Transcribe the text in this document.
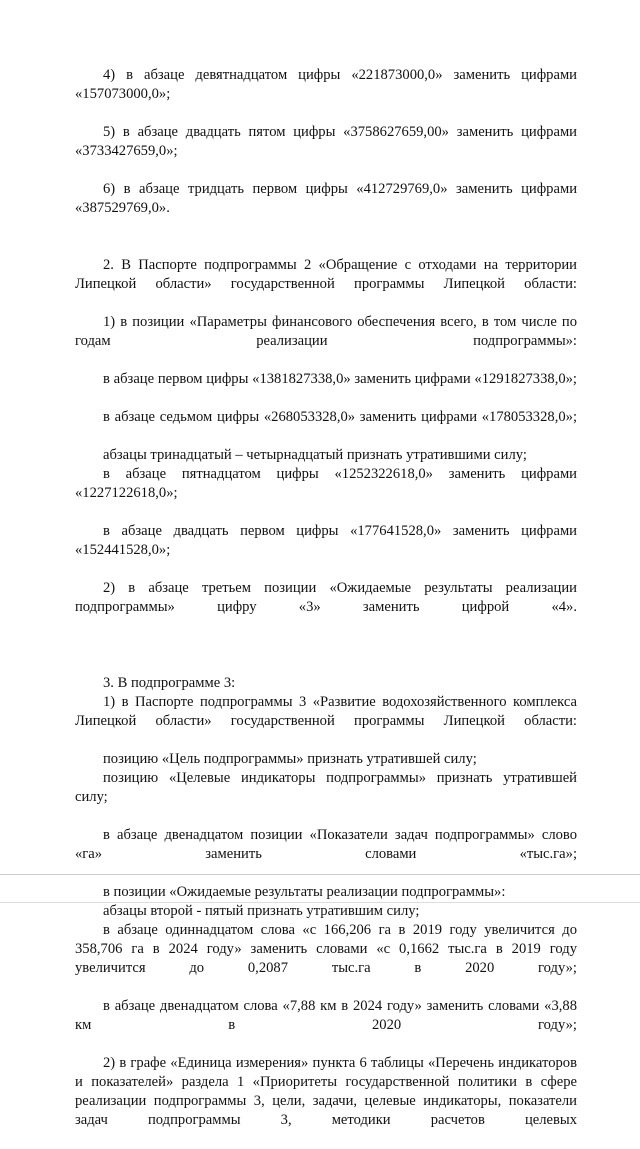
4) в абзаце девятнадцатом цифры «221873000,0» заменить цифрами «157073000,0»;

5) в абзаце двадцать пятом цифры «3758627659,00» заменить цифрами «3733427659,0»;

6) в абзаце тридцать первом цифры «412729769,0» заменить цифрами «387529769,0».

2. В Паспорте подпрограммы 2 «Обращение с отходами на территории Липецкой области» государственной программы Липецкой области:

1) в позиции «Параметры финансового обеспечения всего, в том числе по годам реализации подпрограммы»:

в абзаце первом цифры «1381827338,0» заменить цифрами «1291827338,0»;

в абзаце седьмом цифры «268053328,0» заменить цифрами «178053328,0»;

абзацы тринадцатый – четырнадцатый признать утратившими силу;

в абзаце пятнадцатом цифры «1252322618,0» заменить цифрами «1227122618,0»;

в абзаце двадцать первом цифры «177641528,0» заменить цифрами «152441528,0»;

2) в абзаце третьем позиции «Ожидаемые результаты реализации подпрограммы» цифру «3» заменить цифрой «4».

3. В подпрограмме 3:

1) в Паспорте подпрограммы 3 «Развитие водохозяйственного комплекса Липецкой области» государственной программы Липецкой области:

позицию «Цель подпрограммы» признать утратившей силу;

позицию «Целевые индикаторы подпрограммы» признать утратившей силу;

в абзаце двенадцатом позиции «Показатели задач подпрограммы» слово «га» заменить словами «тыс.га»;

в позиции «Ожидаемые результаты реализации подпрограммы»:

абзацы второй - пятый признать утратившим силу;

в абзаце одиннадцатом слова «с 166,206 га в 2019 году увеличится до 358,706 га в 2024 году» заменить словами «с 0,1662 тыс.га в 2019 году увеличится до 0,2087 тыс.га в 2020 году»;

в абзаце двенадцатом слова «7,88 км в 2024 году» заменить словами «3,88 км в 2020 году»;

2) в графе «Единица измерения» пункта 6 таблицы «Перечень индикаторов и показателей» раздела 1 «Приоритеты государственной политики в сфере реализации подпрограммы 3, цели, задачи, целевые индикаторы, показатели задач подпрограммы 3, методики расчетов целевых
